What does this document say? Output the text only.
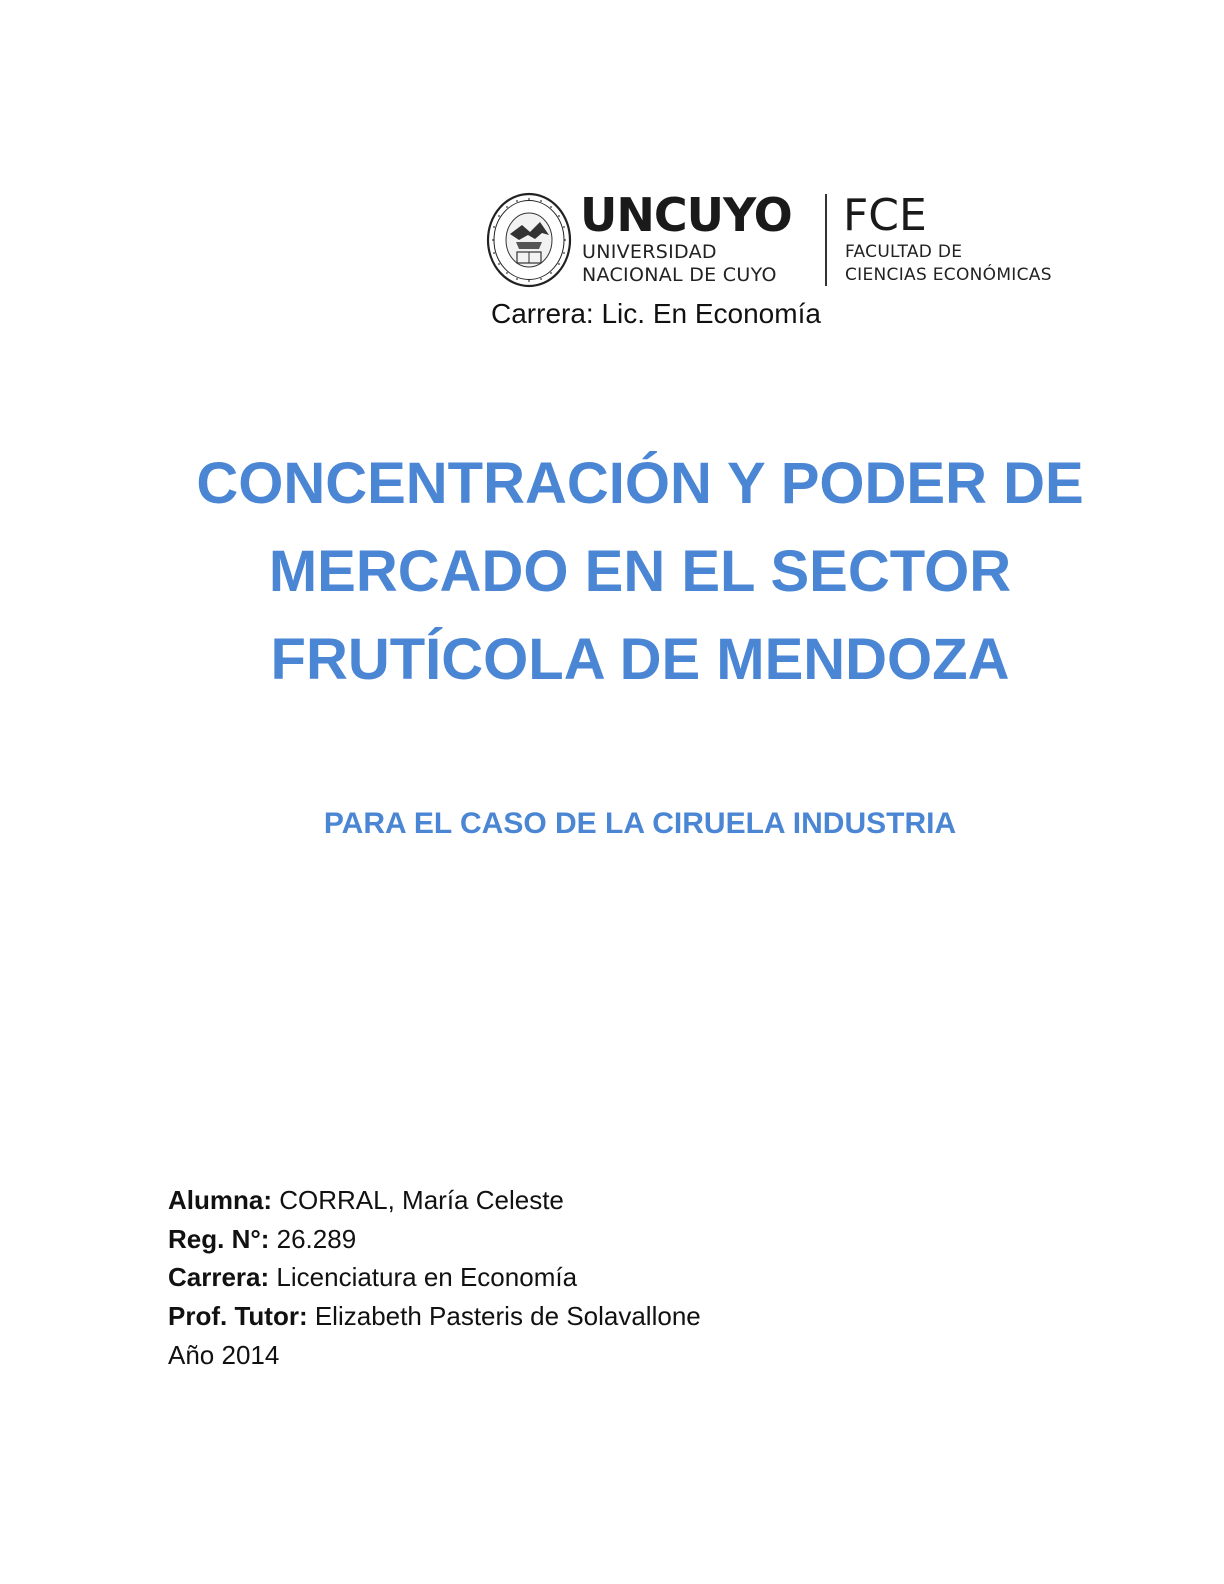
UNCUYO
UNIVERSIDAD
NACIONAL DE CUYO
FCE
FACULTAD DE
CIENCIAS ECONÓMICAS
Carrera: Lic. En Economía
CONCENTRACIÓN Y PODER DE
MERCADO EN EL SECTOR
FRUTÍCOLA DE MENDOZA
PARA EL CASO DE LA CIRUELA INDUSTRIA
Alumna: CORRAL, María Celeste
Reg. N°: 26.289
Carrera: Licenciatura en Economía
Prof. Tutor: Elizabeth Pasteris de Solavallone
Año 2014
